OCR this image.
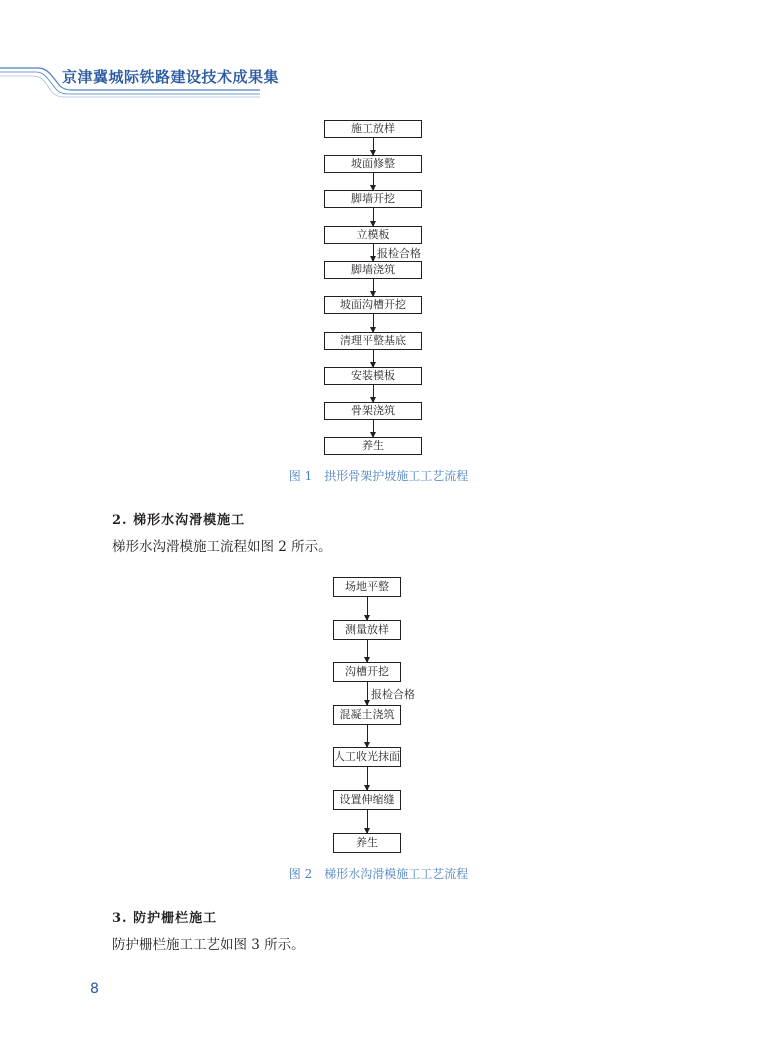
京津冀城际铁路建设技术成果集
施工放样
坡面修整
脚墙开挖
立模板
报检合格
脚墙浇筑
坡面沟槽开挖
清理平整基底
安装模板
骨架浇筑
养生
图 1　拱形骨架护坡施工工艺流程
2. 梯形水沟滑模施工
梯形水沟滑模施工流程如图 2 所示。
场地平整
测量放样
沟槽开挖
报检合格
混凝土浇筑
人工收光抹面
设置伸缩缝
养生
图 2　梯形水沟滑模施工工艺流程
3. 防护栅栏施工
防护栅栏施工工艺如图 3 所示。
8
